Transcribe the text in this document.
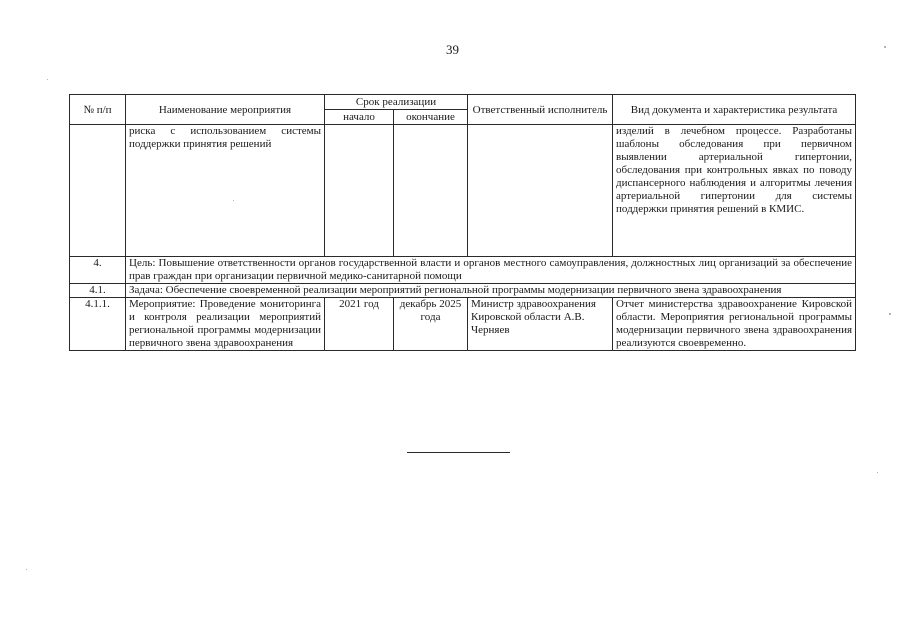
39
№ п/п	Наименование мероприятия	Срок реализации		Ответственный исполнитель	Вид документа и характеристика результата
		начало	окончание		
	риска с использованием системы поддержки принятия решений				изделий в лечебном процессе. Разработаны шаблоны обследования при первичном выявлении артериальной гипертонии, обследования при контрольных явках по поводу диспансерного наблюдения и алгоритмы лечения артериальной гипертонии для системы поддержки принятия решений в КМИС.
4.	Цель: Повышение ответственности органов государственной власти и органов местного самоуправления, должностных лиц организаций за обеспечение прав граждан при организации первичной медико-санитарной помощи				
4.1.	Задача: Обеспечение своевременной реализации мероприятий региональной программы модернизации первичного звена здравоохранения				
4.1.1.	Мероприятие: Проведение мониторинга и контроля реализации мероприятий региональной программы модернизации первичного звена здравоохранения	2021 год	декабрь 2025 года	Министр здравоохранения Кировской области А.В. Черняев	Отчет министерства здравоохранение Кировской области. Мероприятия региональной программы модернизации первичного звена здравоохранения реализуются своевременно.
